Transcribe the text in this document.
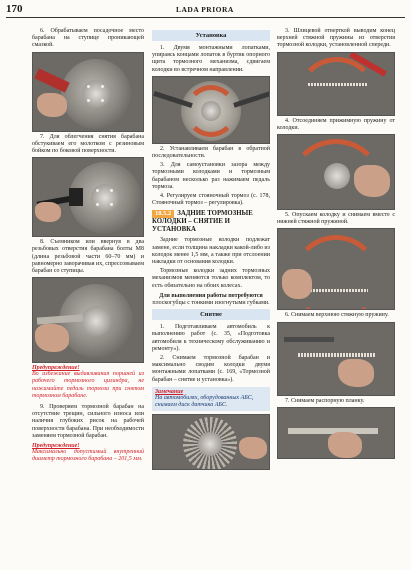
170	LADA PRIORA
6. Обрабатываем посадочное место барабана на ступице проникающей смазкой.
7. Для облегчения снятия барабана обстукиваем его молотком с резиновым бойком по боковой поверхности.
8. Съемником или ввернув в два резьбовых отверстия барабана болты M8 (длина резьбовой части 60–70 мм) и равномерно заворачивая их, спрессовываем барабан со ступицы.
Предупреждение!
Во избежание выдавливания поршней из рабочего тормозного цилиндра, не нажимайте педаль тормоза при снятом тормозном барабане.
9. Проверяем тормозной барабан на отсутствие трещин, сильного износа или наличия глубоких рисок на рабочей поверхности барабана. При необходимости заменяем тормозной барабан.
Предупреждение!
Максимально допустимый внутренний диаметр тормозного барабана – 201,5 мм.
Установка
1. Двумя монтажными лопатками, упираясь концами лопаток в буртик опорного щита тормозного механизма, сдвигаем колодки во встречном направлении.
2. Устанавливаем барабан в обратной последовательности.
3. Для самоустановки зазора между тормозными колодками и тормозным барабаном несколько раз нажимаем педаль тормоза.
4. Регулируем стояночный тормоз (с. 178, Стояночный тормоз – регулировка).
18.5.2 ЗАДНИЕ ТОРМОЗНЫЕ КОЛОДКИ – СНЯТИЕ И УСТАНОВКА
Задние тормозные колодки подлежат замене, если толщина накладки какой-либо из колодок менее 1,5 мм, а также при отслоении накладки от основания колодки.
Тормозные колодки задних тормозных механизмов меняются только комплектом, то есть обязательно на обоих колесах.
Для выполнения работы потребуются
плоскогубцы с тонкими изогнутыми губками.
Снятие
1. Подготавливаем автомобиль к выполнению работ (с. 35, «Подготовка автомобиля к техническому обслуживанию и ремонту»).
2. Снимаем тормозной барабан и максимально сводим колодки двумя монтажными лопатками (с. 169, «Тормозной барабан – снятие и установка»).
Замечание
На автомобилях, оборудованных АБС, снимаем диск датчика АБС.
3. Шлицевой отверткой выводим конец верхней стяжной пружины из отверстия тормозной колодки, установленной спереди.
4. Отсоединяем прижимную пружину от колодки.
5. Опускаем колодку и снимаем вместе с нижней стяжной пружиной.
6. Снимаем верхнюю стяжную пружину.
7. Снимаем распорную планку.
